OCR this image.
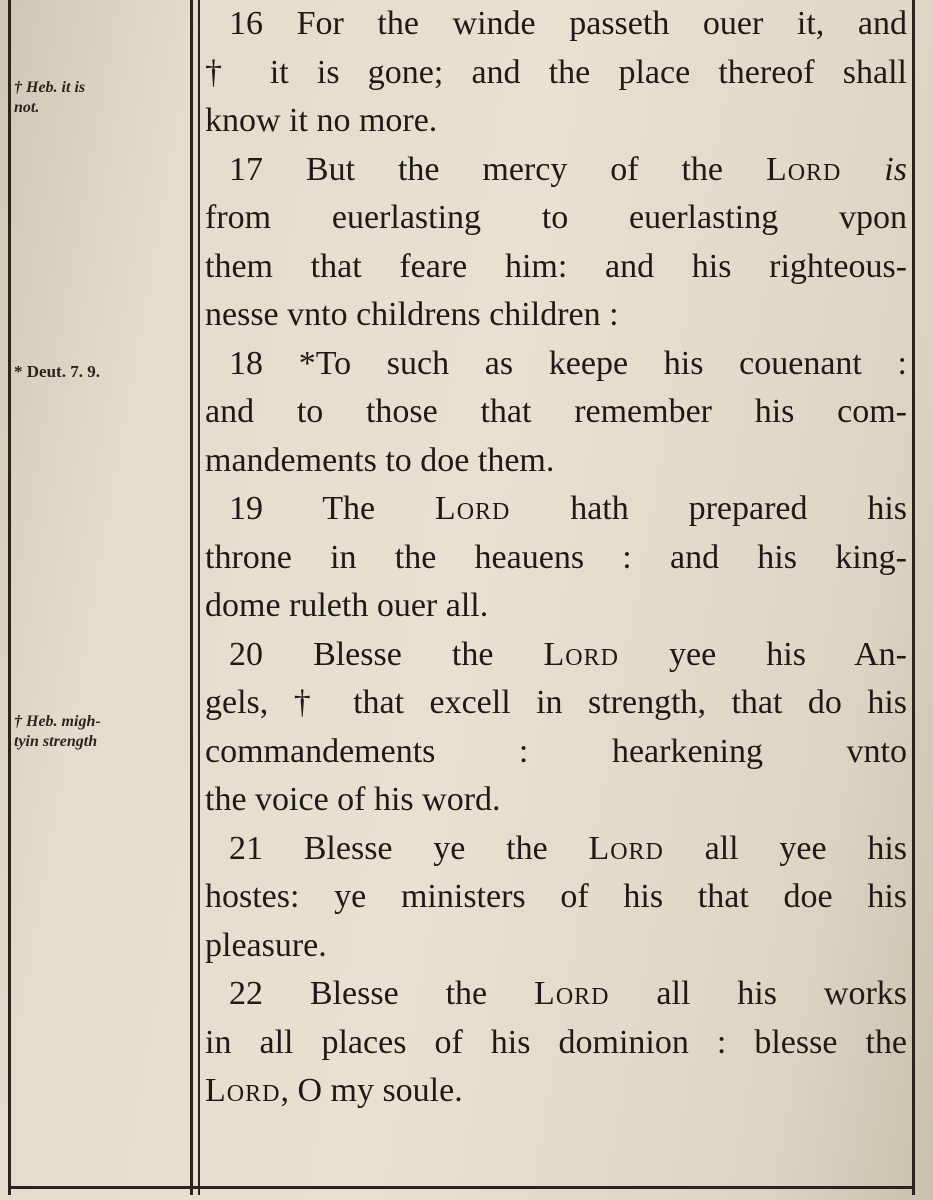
† Heb. it is
not.
* Deut. 7. 9.
† Heb. migh-
tyin strength
16 For the winde passeth ouer it, and
† it is gone; and the place thereof shall
know it no more.
17 But the mercy of the Lord is
from euerlasting to euerlasting vpon
them that feare him: and his righteous-
nesse vnto childrens children :
18 *To such as keepe his couenant :
and to those that remember his com-
mandements to doe them.
19 The Lord hath prepared his
throne in the heauens : and his king-
dome ruleth ouer all.
20 Blesse the Lord yee his An-
gels, † that excell in strength, that do his
commandements : hearkening vnto
the voice of his word.
21 Blesse ye the Lord all yee his
hostes: ye ministers of his that doe his
pleasure.
22 Blesse the Lord all his works
in all places of his dominion : blesse the
Lord, O my soule.
